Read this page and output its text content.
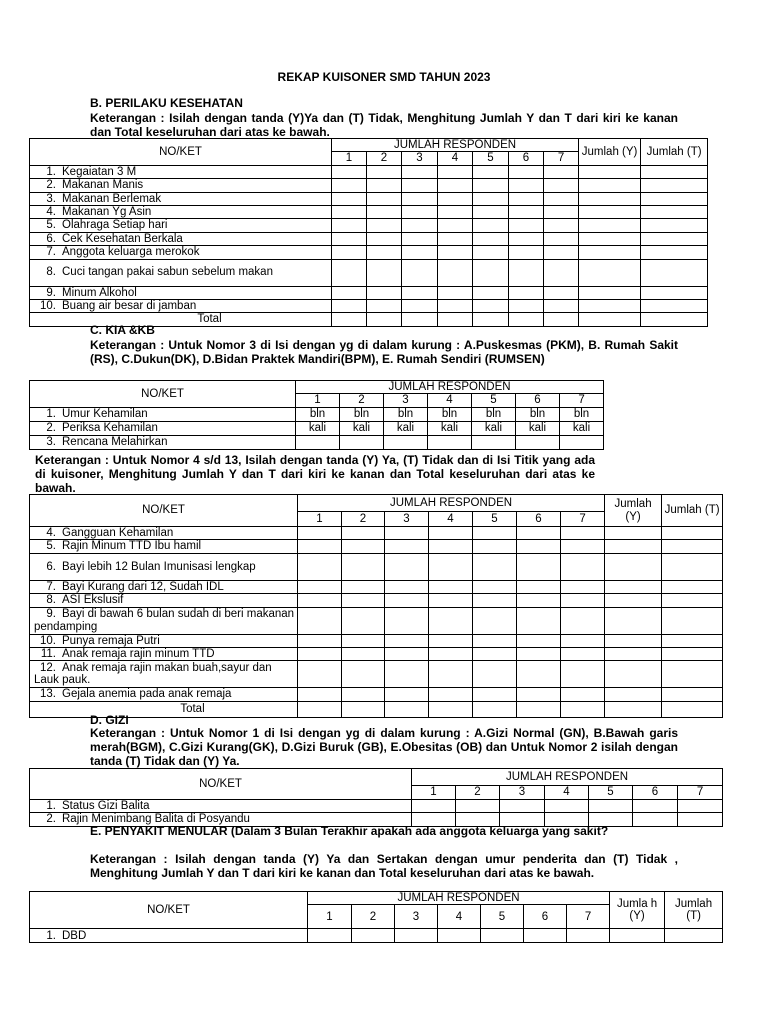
REKAP KUISONER SMD TAHUN 2023
B. PERILAKU KESEHATAN
Keterangan : Isilah dengan tanda (Y)Ya dan (T) Tidak, Menghitung Jumlah Y dan T dari kiri ke kanan dan Total keseluruhan dari atas ke bawah.
NO/KET	JUMLAH RESPONDEN							Jumlah (Y)	Jumlah (T)
	1	2	3	4	5	6	7		
1. Kegaiatan 3 M									
2. Makanan Manis									
3. Makanan Berlemak									
4. Makanan Yg Asin									
5. Olahraga Setiap hari									
6. Cek Kesehatan Berkala									
7. Anggota keluarga merokok									
8. Cuci tangan pakai sabun sebelum makan									
9. Minum Alkohol									
10. Buang air besar di jamban									
Total									
C. KIA &KB
Keterangan : Untuk Nomor 3 di Isi dengan yg di dalam kurung : A.Puskesmas (PKM), B. Rumah Sakit (RS), C.Dukun(DK), D.Bidan Praktek Mandiri(BPM), E. Rumah Sendiri (RUMSEN)
NO/KET	JUMLAH RESPONDEN						
	1	2	3	4	5	6	7
1. Umur Kehamilan	bln	bln	bln	bln	bln	bln	bln
2. Periksa Kehamilan	kali	kali	kali	kali	kali	kali	kali
3. Rencana Melahirkan							
Keterangan : Untuk Nomor 4 s/d 13, Isilah dengan tanda (Y) Ya, (T) Tidak dan di Isi Titik yang ada di kuisoner, Menghitung Jumlah Y dan T dari kiri ke kanan dan Total keseluruhan dari atas ke bawah.
NO/KET	JUMLAH RESPONDEN							Jumlah (Y)	Jumlah (T)
	1	2	3	4	5	6	7		
4. Gangguan Kehamilan									
5. Rajin Minum TTD Ibu hamil									
6. Bayi lebih 12 Bulan Imunisasi lengkap									
7. Bayi Kurang dari 12, Sudah IDL									
8. ASI Ekslusif									
9. Bayi di bawah 6 bulan sudah di beri makanan pendamping									
10. Punya remaja Putri									
11. Anak remaja rajin minum TTD									
12. Anak remaja rajin makan buah,sayur dan Lauk pauk.									
13. Gejala anemia pada anak remaja									
Total									
D. GIZI
Keterangan : Untuk Nomor 1 di Isi dengan yg di dalam kurung : A.Gizi Normal (GN), B.Bawah garis merah(BGM), C.Gizi Kurang(GK), D.Gizi Buruk (GB), E.Obesitas (OB) dan Untuk Nomor 2 isilah dengan tanda (T) Tidak dan (Y) Ya.
NO/KET	JUMLAH RESPONDEN						
	1	2	3	4	5	6	7
1. Status Gizi Balita							
2. Rajin Menimbang Balita di Posyandu							
E. PENYAKIT MENULAR (Dalam 3 Bulan Terakhir apakah ada anggota keluarga yang sakit?
Keterangan : Isilah dengan tanda (Y) Ya dan Sertakan dengan umur penderita dan (T) Tidak , Menghitung Jumlah Y dan T dari kiri ke kanan dan Total keseluruhan dari atas ke bawah.
NO/KET	JUMLAH RESPONDEN							Jumla h (Y)	Jumlah (T)
	1	2	3	4	5	6	7		
1. DBD									
